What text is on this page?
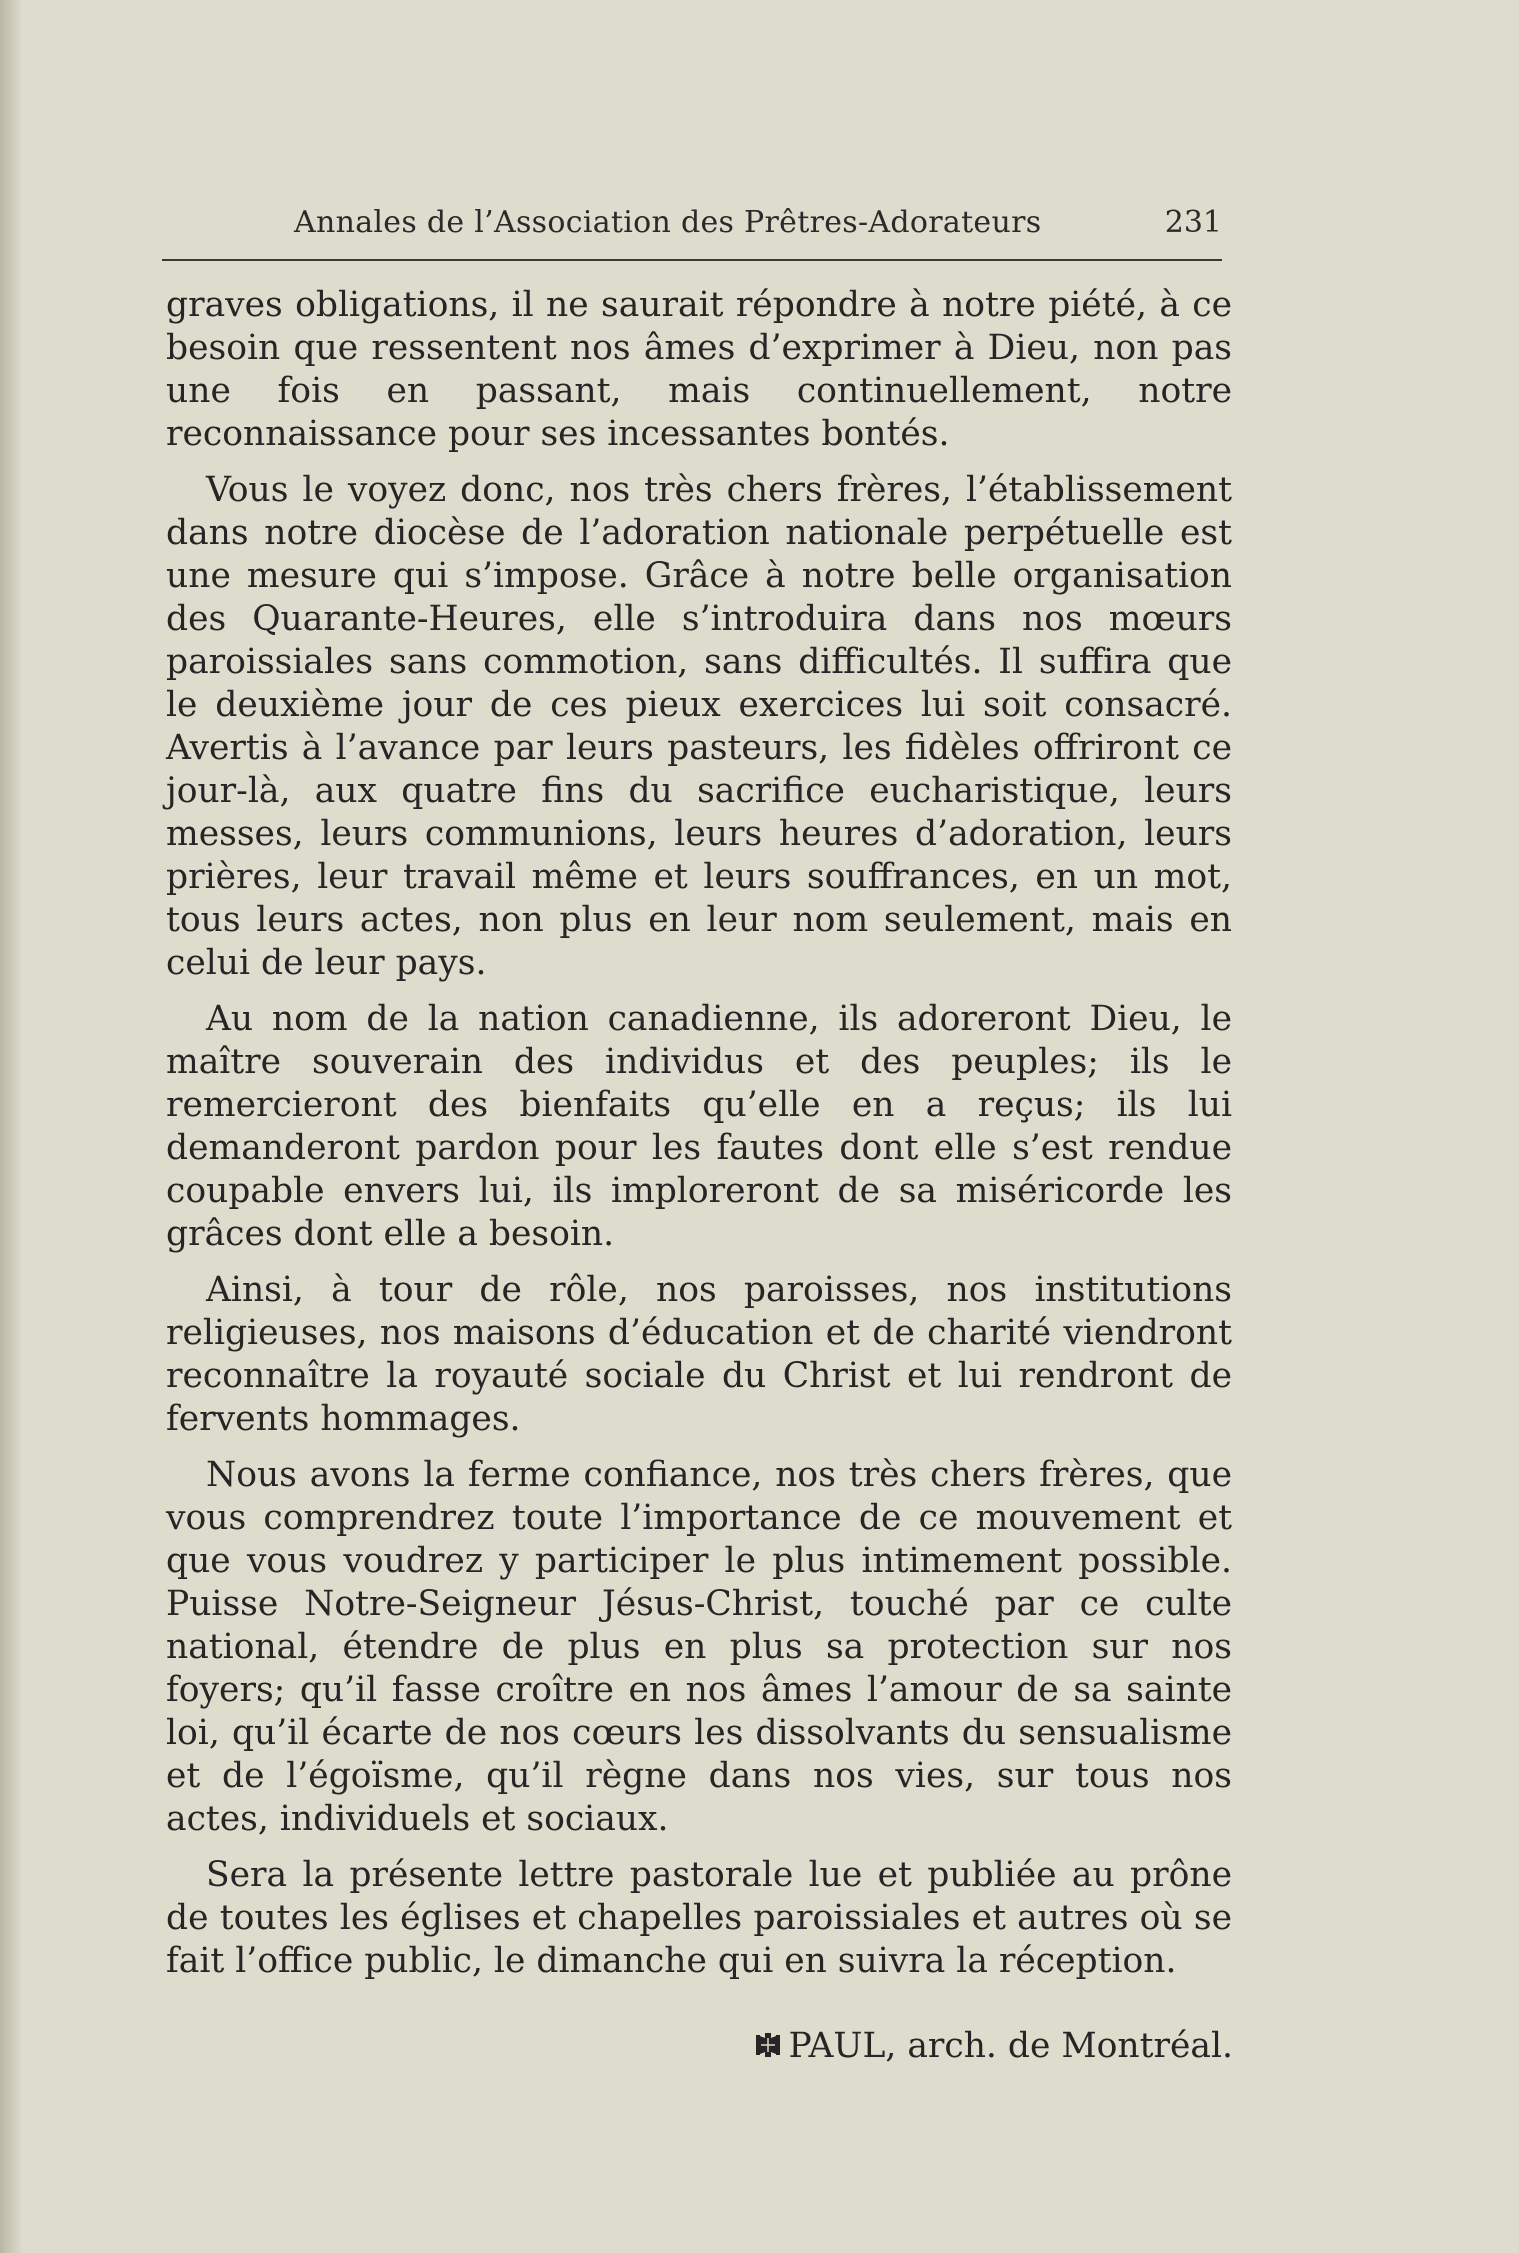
Annales de l’Association des Prêtres-Adorateurs	231

graves obligations, il ne saurait répondre à notre piété, à ce besoin que ressentent nos âmes d’exprimer à Dieu, non pas une fois en passant, mais continuellement, notre reconnaissance pour ses incessantes bontés.

Vous le voyez donc, nos très chers frères, l’établissement dans notre diocèse de l’adoration nationale perpétuelle est une mesure qui s’impose. Grâce à notre belle organisation des Quarante-Heures, elle s’introduira dans nos mœurs paroissiales sans commotion, sans difficultés. Il suffira que le deuxième jour de ces pieux exercices lui soit consacré. Avertis à l’avance par leurs pasteurs, les fidèles offriront ce jour-là, aux quatre fins du sacrifice eucharistique, leurs messes, leurs communions, leurs heures d’adoration, leurs prières, leur travail même et leurs souffrances, en un mot, tous leurs actes, non plus en leur nom seulement, mais en celui de leur pays.

Au nom de la nation canadienne, ils adoreront Dieu, le maître souverain des individus et des peuples; ils le remercieront des bienfaits qu’elle en a reçus; ils lui demanderont pardon pour les fautes dont elle s’est rendue coupable envers lui, ils imploreront de sa miséricorde les grâces dont elle a besoin.

Ainsi, à tour de rôle, nos paroisses, nos institutions religieuses, nos maisons d’éducation et de charité viendront reconnaître la royauté sociale du Christ et lui rendront de fervents hommages.

Nous avons la ferme confiance, nos très chers frères, que vous comprendrez toute l’importance de ce mouvement et que vous voudrez y participer le plus intimement possible. Puisse Notre-Seigneur Jésus-Christ, touché par ce culte national, étendre de plus en plus sa protection sur nos foyers; qu’il fasse croître en nos âmes l’amour de sa sainte loi, qu’il écarte de nos cœurs les dissolvants du sensualisme et de l’égoïsme, qu’il règne dans nos vies, sur tous nos actes, individuels et sociaux.

Sera la présente lettre pastorale lue et publiée au prône de toutes les églises et chapelles paroissiales et autres où se fait l’office public, le dimanche qui en suivra la réception.

PAUL, arch. de Montréal.
